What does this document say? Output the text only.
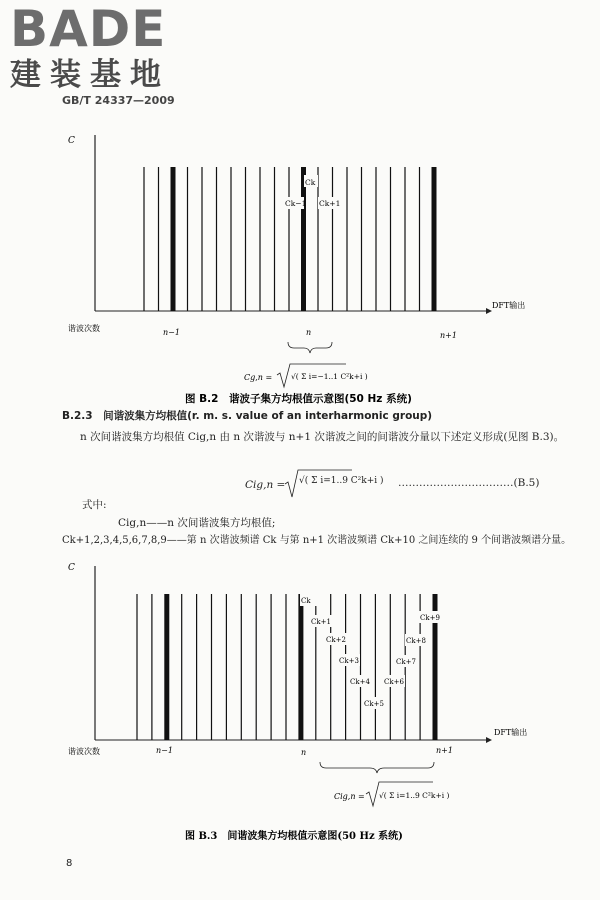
BADE
建装基地
GB/T 24337—2009
C
DFT输出
谐波次数	n−1	n	n+1
Ck
Ck−1 Ck+1
Cg,n =	√( Σ i=−1..1 C²k+i )
图 B.2　谐波子集方均根值示意图(50 Hz 系统)
B.2.3　间谐波集方均根值(r. m. s. value of an interharmonic group)
n 次间谐波集方均根值 Cig,n 由 n 次谐波与 n+1 次谐波之间的间谐波分量以下述定义形成(见图 B.3)。
Cig,n = √( Σ i=1..9 C²k+i ) ……………………………(B.5)
式中:
Cig,n——n 次间谐波集方均根值;
Ck+1,2,3,4,5,6,7,8,9——第 n 次谐波频谱 Ck 与第 n+1 次谐波频谱 Ck+10 之间连续的 9 个间谐波频谱分量。
C
DFT输出
谐波次数	n−1	n	n+1
Ck
Ck+1
Ck+2
Ck+3
Ck+4
Ck+5
Ck+6
Ck+7
Ck+8
Ck+9
Cig,n = √( Σ i=1..9 C²k+i )
图 B.3　间谐波集方均根值示意图(50 Hz 系统)
8
